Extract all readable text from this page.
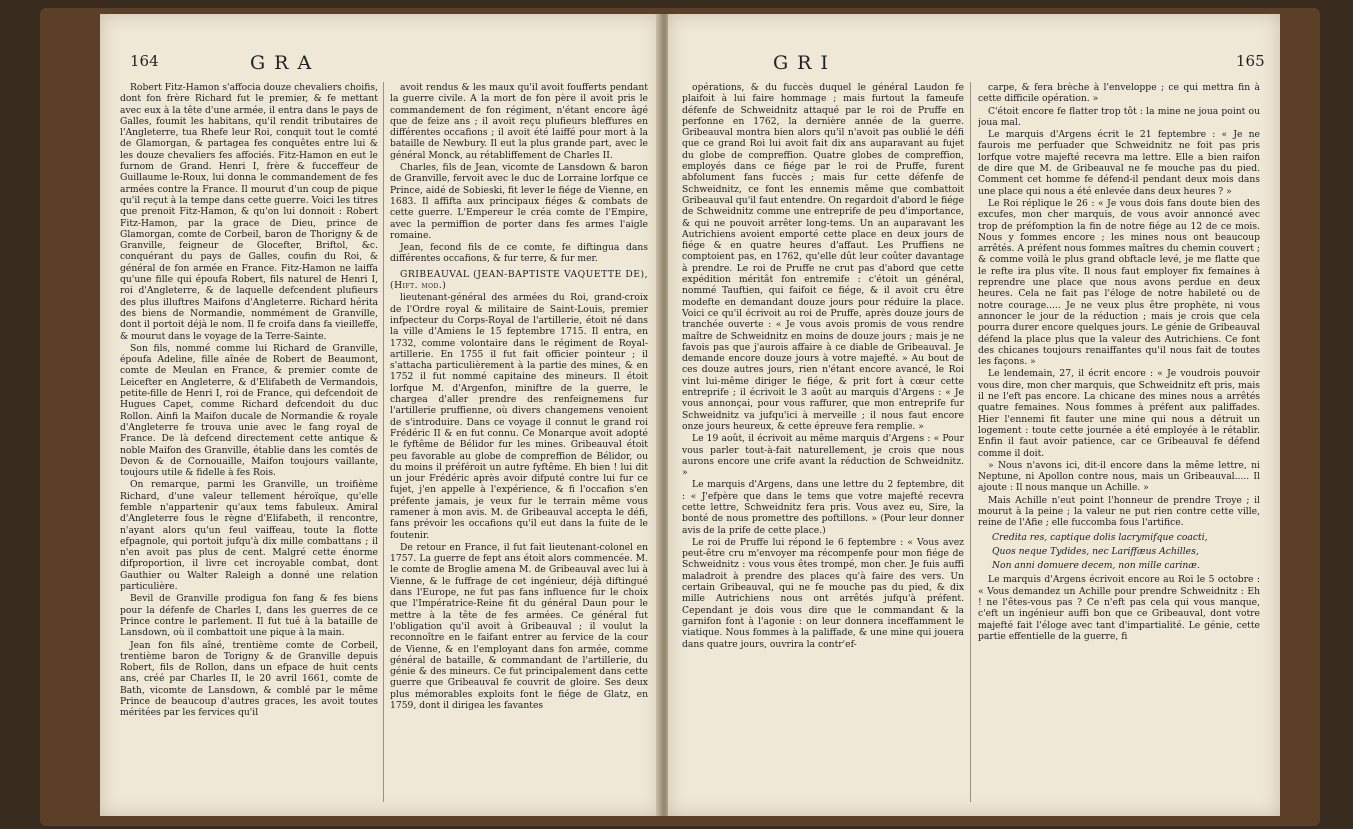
164	GRA

Robert Fitz-Hamon s'affocia douze chevaliers choifis, dont fon frère Richard fut le premier, & fe mettant avec eux à la tête d'une armée, il entra dans le pays de Galles, foumit les habitans, qu'il rendit tributaires de l'Angleterre, tua Rhefe leur Roi, conquit tout le comté de Glamorgan, & partagea fes conquêtes entre lui & les douze chevaliers fes affociés. Fitz-Hamon en eut le furnom de Grand. Henri I, frère & fucceffeur de Guillaume le-Roux, lui donna le commandement de fes armées contre la France. Il mourut d'un coup de pique qu'il reçut à la tempe dans cette guerre. Voici les titres que prenoit Fitz-Hamon, & qu'on lui donnoit : Robert Fitz-Hamon, par la grace de Dieu, prince de Glamorgan, comte de Corbeil, baron de Thorigny & de Granville, feigneur de Glocefter, Briftol, &c. conquérant du pays de Galles, coufin du Roi, & général de fon armée en France. Fitz-Hamon ne laiffa qu'une fille qui époufa Robert, fils naturel de Henri I, roi d'Angleterre, & de laquelle defcendent plufieurs des plus illuftres Maifons d'Angleterre. Richard hérita des biens de Normandie, nommément de Granville, dont il portoit déjà le nom. Il fe croifa dans fa vieilleffe, & mourut dans le voyage de la Terre-Sainte.

Son fils, nommé comme lui Richard de Granville, époufa Adeline, fille aînée de Robert de Beaumont, comte de Meulan en France, & premier comte de Leicefter en Angleterre, & d'Elifabeth de Vermandois, petite-fille de Henri I, roi de France, qui defcendoit de Hugues Capet, comme Richard defcendoit du duc Rollon. Ainfi la Maifon ducale de Normandie & royale d'Angleterre fe trouva unie avec le fang royal de France. De là defcend directement cette antique & noble Maifon des Granville, établie dans les comtés de Devon & de Cornouaille, Maifon toujours vaillante, toujours utile & fidelle à fes Rois.

On remarque, parmi les Granville, un troifième Richard, d'une valeur tellement héroïque, qu'elle femble n'appartenir qu'aux tems fabuleux. Amiral d'Angleterre fous le règne d'Elifabeth, il rencontre, n'ayant alors qu'un feul vaiffeau, toute la flotte efpagnole, qui portoit jufqu'à dix mille combattans ; il n'en avoit pas plus de cent. Malgré cette énorme difproportion, il livre cet incroyable combat, dont Gauthier ou Walter Raleigh a donné une relation particulière.

Bevil de Granville prodigua fon fang & fes biens pour la défenfe de Charles I, dans les guerres de ce Prince contre le parlement. Il fut tué à la bataille de Lansdown, où il combattoit une pique à la main.

Jean fon fils aîné, trentième comte de Corbeil, trentième baron de Torigny & de Granville depuis Robert, fils de Rollon, dans un efpace de huit cents ans, créé par Charles II, le 20 avril 1661, comte de Bath, vicomte de Lansdown, & comblé par le même Prince de beaucoup d'autres graces, les avoit toutes méritées par les fervices qu'il

avoit rendus & les maux qu'il avoit foufferts pendant la guerre civile. A la mort de fon père il avoit pris le commandement de fon régiment, n'étant encore âgé que de feize ans ; il avoit reçu plufieurs bleffures en différentes occafions ; il avoit été laiffé pour mort à la bataille de Newbury. Il eut la plus grande part, avec le général Monck, au rétabliffement de Charles II.

Charles, fils de Jean, vicomte de Lansdown & baron de Granville, fervoit avec le duc de Lorraine lorfque ce Prince, aidé de Sobieski, fit lever le fiége de Vienne, en 1683. Il affifta aux principaux fiéges & combats de cette guerre. L'Empereur le créa comte de l'Empire, avec la permiffion de porter dans fes armes l'aigle romaine.

Jean, fecond fils de ce comte, fe diftingua dans différentes occafions, & fur terre, & fur mer.

GRIBEAUVAL (JEAN-BAPTISTE VAQUETTE DE), (Hift. mod.)

lieutenant-général des armées du Roi, grand-croix de l'Ordre royal & militaire de Saint-Louis, premier infpecteur du Corps-Royal de l'artillerie, étoit né dans la ville d'Amiens le 15 feptembre 1715. Il entra, en 1732, comme volontaire dans le régiment de Royal-artillerie. En 1755 il fut fait officier pointeur ; il s'attacha particulièrement à la partie des mines, & en 1752 il fut nommé capitaine des mineurs. Il étoit lorfque M. d'Argenfon, miniftre de la guerre, le chargea d'aller prendre des renfeignemens fur l'artillerie pruffienne, où divers changemens venoient de s'introduire. Dans ce voyage il connut le grand roi Frédéric II & en fut connu. Ce Monarque avoit adopté le fyftême de Bélidor fur les mines. Gribeauval étoit peu favorable au globe de compreffion de Bélidor, ou du moins il préféroit un autre fyftême. Eh bien ! lui dit un jour Frédéric après avoir difputé contre lui fur ce fujet, j'en appelle à l'expérience, & fi l'occafion s'en préfente jamais, je veux fur le terrain même vous ramener à mon avis. M. de Gribeauval accepta le défi, fans prévoir les occafions qu'il eut dans la fuite de le foutenir.

De retour en France, il fut fait lieutenant-colonel en 1757. La guerre de fept ans étoit alors commencée. M. le comte de Broglie amena M. de Gribeauval avec lui à Vienne, & le fuffrage de cet ingénieur, déjà diftingué dans l'Europe, ne fut pas fans influence fur le choix que l'Impératrice-Reine fit du général Daun pour le mettre à la tête de fes armées. Ce général fut l'obligation qu'il avoit à Gribeauval ; il voulut la reconnoître en le faifant entrer au fervice de la cour de Vienne, & en l'employant dans fon armée, comme général de bataille, & commandant de l'artillerie, du génie & des mineurs. Ce fut principalement dans cette guerre que Gribeauval fe couvrit de gloire. Ses deux plus mémorables exploits font le fiége de Glatz, en 1759, dont il dirigea les favantes

GRI	165

opérations, & du fuccès duquel le général Laudon fe plaifoit à lui faire hommage ; mais furtout la fameufe défenfe de Schweidnitz attaqué par le roi de Pruffe en perfonne en 1762, la dernière année de la guerre. Gribeauval montra bien alors qu'il n'avoit pas oublié le défi que ce grand Roi lui avoit fait dix ans auparavant au fujet du globe de compreffion. Quatre globes de compreffion, employés dans ce fiége par le roi de Pruffe, furent abfolument fans fuccès ; mais fur cette défenfe de Schweidnitz, ce font les ennemis même que combattoit Gribeauval qu'il faut entendre. On regardoit d'abord le fiége de Schweidnitz comme une entreprife de peu d'importance, & qui ne pouvoit arrêter long-tems. Un an auparavant les Autrichiens avoient emporté cette place en deux jours de fiége & en quatre heures d'affaut. Les Pruffiens ne comptoient pas, en 1762, qu'elle dût leur coûter davantage à prendre. Le roi de Pruffe ne crut pas d'abord que cette expédition méritât fon entremife : c'étoit un général, nommé Tauftien, qui faifoit ce fiége, & il avoit cru être modefte en demandant douze jours pour réduire la place. Voici ce qu'il écrivoit au roi de Pruffe, après douze jours de tranchée ouverte : « Je vous avois promis de vous rendre maître de Schweidnitz en moins de douze jours ; mais je ne favois pas que j'aurois affaire à ce diable de Gribeauval. Je demande encore douze jours à votre majefté. » Au bout de ces douze autres jours, rien n'étant encore avancé, le Roi vint lui-même diriger le fiége, & prit fort à cœur cette entreprife ; il écrivoit le 3 août au marquis d'Argens : « Je vous annonçai, pour vous raffurer, que mon entreprife fur Schweidnitz va jufqu'ici à merveille ; il nous faut encore onze jours heureux, & cette épreuve fera remplie. »

Le 19 août, il écrivoit au même marquis d'Argens : « Pour vous parler tout-à-fait naturellement, je crois que nous aurons encore une crife avant la réduction de Schweidnitz. »

Le marquis d'Argens, dans une lettre du 2 feptembre, dit : « J'efpère que dans le tems que votre majefté recevra cette lettre, Schweidnitz fera pris. Vous avez eu, Sire, la bonté de nous promettre des poftillons. » (Pour leur donner avis de la prife de cette place.)

Le roi de Pruffe lui répond le 6 feptembre : « Vous avez peut-être cru m'envoyer ma récompenfe pour mon fiége de Schweidnitz : vous vous êtes trompé, mon cher. Je fuis auffi maladroit à prendre des places qu'à faire des vers. Un certain Gribeauval, qui ne fe mouche pas du pied, & dix mille Autrichiens nous ont arrêtés jufqu'à préfent. Cependant je dois vous dire que le commandant & la garnifon font à l'agonie : on leur donnera inceffamment le viatique. Nous fommes à la paliffade, & une mine qui jouera dans quatre jours, ouvrira la contr'ef-

carpe, & fera brèche à l'enveloppe ; ce qui mettra fin à cette difficile opération. »

C'étoit encore fe flatter trop tôt : la mine ne joua point ou joua mal.

Le marquis d'Argens écrit le 21 feptembre : « Je ne faurois me perfuader que Schweidnitz ne foit pas pris lorfque votre majefté recevra ma lettre. Elle a bien raifon de dire que M. de Gribeauval ne fe mouche pas du pied. Comment cet homme fe défend-il pendant deux mois dans une place qui nous a été enlevée dans deux heures ? »

Le Roi réplique le 26 : « Je vous dois fans doute bien des excufes, mon cher marquis, de vous avoir annoncé avec trop de préfomption la fin de notre fiége au 12 de ce mois. Nous y fommes encore ; les mines nous ont beaucoup arrêtés. A préfent nous fommes maîtres du chemin couvert ; & comme voilà le plus grand obftacle levé, je me flatte que le refte ira plus vîte. Il nous faut employer fix femaines à reprendre une place que nous avons perdue en deux heures. Cela ne fait pas l'éloge de notre habileté ou de notre courage..... Je ne veux plus être prophète, ni vous annoncer le jour de la réduction ; mais je crois que cela pourra durer encore quelques jours. Le génie de Gribeauval défend la place plus que la valeur des Autrichiens. Ce font des chicanes toujours renaiffantes qu'il nous fait de toutes les façons. »

Le lendemain, 27, il écrit encore : « Je voudrois pouvoir vous dire, mon cher marquis, que Schweidnitz eft pris, mais il ne l'eft pas encore. La chicane des mines nous a arrêtés quatre femaines. Nous fommes à préfent aux paliffades. Hier l'ennemi fit fauter une mine qui nous a détruit un logement : toute cette journée a été employée à le rétablir. Enfin il faut avoir patience, car ce Gribeauval fe défend comme il doit.

» Nous n'avons ici, dit-il encore dans la même lettre, ni Neptune, ni Apollon contre nous, mais un Gribeauval..... Il ajoute : Il nous manque un Achille. »

Mais Achille n'eut point l'honneur de prendre Troye ; il mourut à la peine ; la valeur ne put rien contre cette ville, reine de l'Afie ; elle fuccomba fous l'artifice.

Credita res, captique dolis lacrymifque coacti,

Quos neque Tydides, nec Lariffæus Achilles,

Non anni domuere decem, non mille carinæ.

Le marquis d'Argens écrivoit encore au Roi le 5 octobre : « Vous demandez un Achille pour prendre Schweidnitz : Eh ! ne l'êtes-vous pas ? Ce n'eft pas cela qui vous manque, c'eft un ingénieur auffi bon que ce Gribeauval, dont votre majefté fait l'éloge avec tant d'impartialité. Le génie, cette partie effentielle de la guerre, fi
